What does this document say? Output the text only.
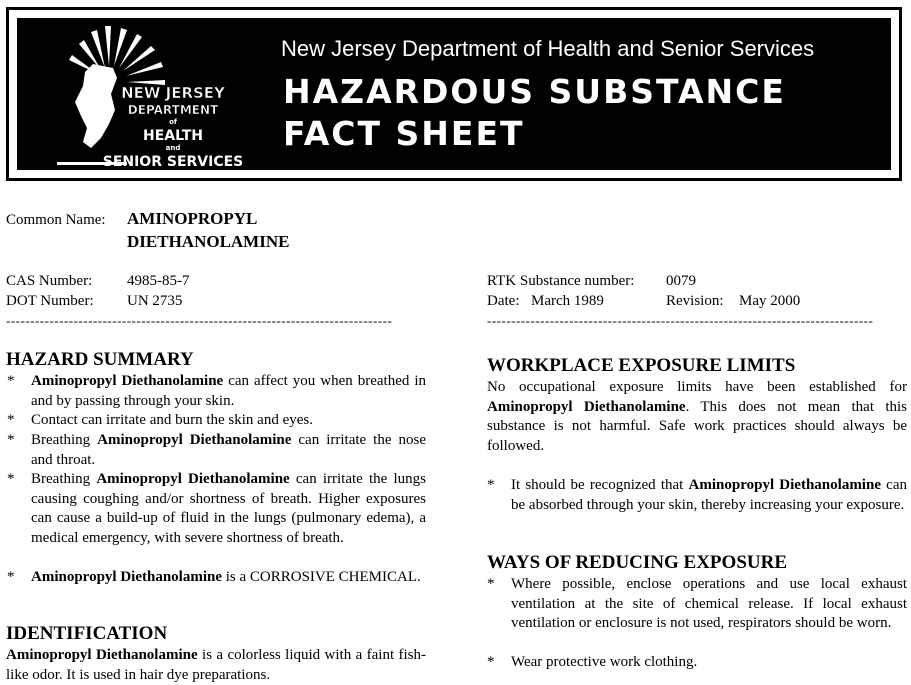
NEW JERSEY
DEPARTMENT
of
HEALTH
and
SENIOR SERVICES
New Jersey Department of Health and Senior Services
HAZARDOUS SUBSTANCE
FACT SHEET
Common Name: AMINOPROPYL
DIETHANOLAMINE
CAS Number: 4985-85-7
DOT Number: UN 2735
RTK Substance number: 0079
Date: March 1989	Revision: May 2000
--------------------------------------------------------------------------------	--------------------------------------------------------------------------------
HAZARD SUMMARY
* Aminopropyl Diethanolamine can affect you when breathed in and by passing through your skin.
* Contact can irritate and burn the skin and eyes.
* Breathing Aminopropyl Diethanolamine can irritate the nose and throat.
* Breathing Aminopropyl Diethanolamine can irritate the lungs causing coughing and/or shortness of breath. Higher exposures can cause a build-up of fluid in the lungs (pulmonary edema), a medical emergency, with severe shortness of breath.
* Aminopropyl Diethanolamine is a CORROSIVE CHEMICAL.
IDENTIFICATION
Aminopropyl Diethanolamine is a colorless liquid with a faint fish-like odor. It is used in hair dye preparations.
WORKPLACE EXPOSURE LIMITS
No occupational exposure limits have been established for Aminopropyl Diethanolamine. This does not mean that this substance is not harmful. Safe work practices should always be followed.
* It should be recognized that Aminopropyl Diethanolamine can be absorbed through your skin, thereby increasing your exposure.
WAYS OF REDUCING EXPOSURE
* Where possible, enclose operations and use local exhaust ventilation at the site of chemical release. If local exhaust ventilation or enclosure is not used, respirators should be worn.
* Wear protective work clothing.
